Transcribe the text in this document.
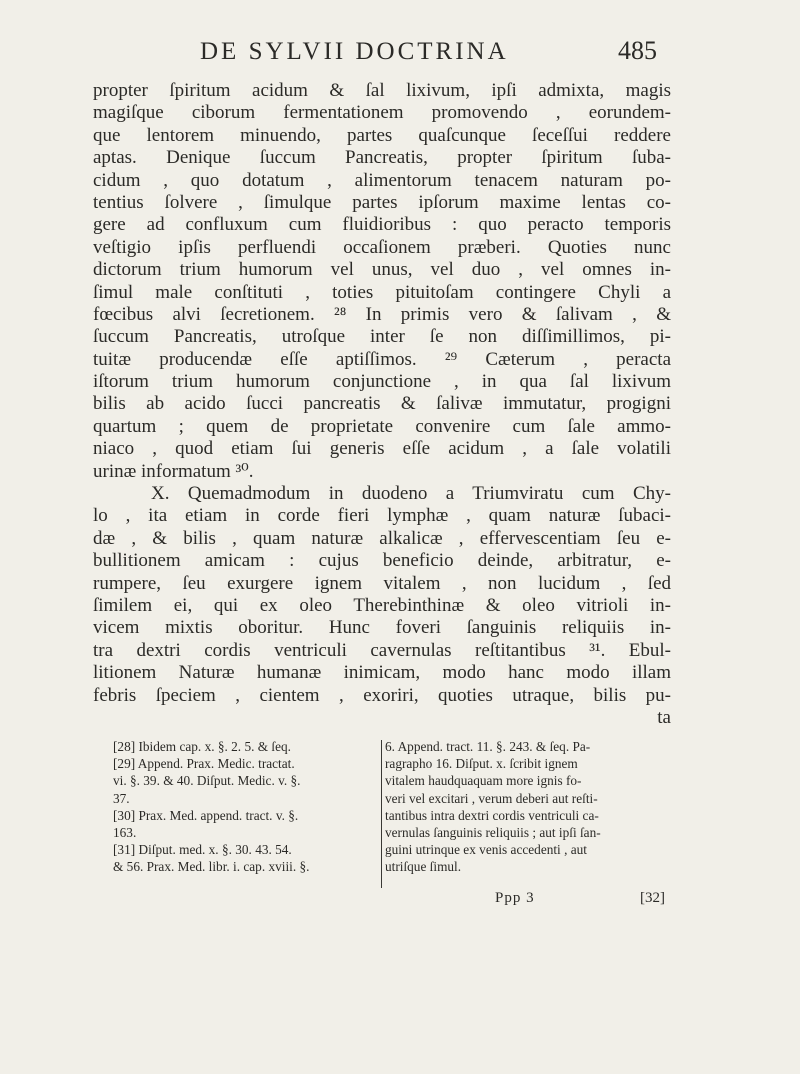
DE SYLVII DOCTRINA	485
propter ſpiritum acidum & ſal lixivum, ipſi admixta, magis
magiſque ciborum fermentationem promovendo , eorundem-
que lentorem minuendo, partes quaſcunque ſeceſſui reddere
aptas. Denique ſuccum Pancreatis, propter ſpiritum ſuba-
cidum , quo dotatum , alimentorum tenacem naturam po-
tentius ſolvere , ſimulque partes ipſorum maxime lentas co-
gere ad confluxum cum fluidioribus : quo peracto temporis
veſtigio ipſis perfluendi occaſionem præberi. Quoties nunc
dictorum trium humorum vel unus, vel duo , vel omnes in-
ſimul male conſtituti , toties pituitoſam contingere Chyli a
fœcibus alvi ſecretionem. ²⁸ In primis vero & ſalivam , &
ſuccum Pancreatis, utroſque inter ſe non diſſimillimos, pi-
tuitæ producendæ eſſe aptiſſimos. ²⁹ Cæterum , peracta
iſtorum trium humorum conjunctione , in qua ſal lixivum
bilis ab acido ſucci pancreatis & ſalivæ immutatur, progigni
quartum ; quem de proprietate convenire cum ſale ammo-
niaco , quod etiam ſui generis eſſe acidum , a ſale volatili
urinæ informatum ³⁰.
X. Quemadmodum in duodeno a Triumviratu cum Chy-
lo , ita etiam in corde fieri lymphæ , quam naturæ ſubaci-
dæ , & bilis , quam naturæ alkalicæ , effervescentiam ſeu e-
bullitionem amicam : cujus beneficio deinde, arbitratur, e-
rumpere, ſeu exurgere ignem vitalem , non lucidum , ſed
ſimilem ei, qui ex oleo Therebinthinæ & oleo vitrioli in-
vicem mixtis oboritur. Hunc foveri ſanguinis reliquiis in-
tra dextri cordis ventriculi cavernulas reſtitantibus ³¹. Ebul-
litionem Naturæ humanæ inimicam, modo hanc modo illam
febris ſpeciem , cientem , exoriri, quoties utraque, bilis pu-
ta
[28] Ibidem cap. x. §. 2. 5. & ſeq.
[29] Append. Prax. Medic. tractat.
vi. §. 39. & 40. Diſput. Medic. v. §.
37.
[30] Prax. Med. append. tract. v. §.
163.
[31] Diſput. med. x. §. 30. 43. 54.
& 56. Prax. Med. libr. i. cap. xviii. §.
6. Append. tract. 11. §. 243. & ſeq. Pa-
ragrapho 16. Diſput. x. ſcribit ignem
vitalem haudquaquam more ignis fo-
veri vel excitari , verum deberi aut reſti-
tantibus intra dextri cordis ventriculi ca-
vernulas ſanguinis reliquiis ; aut ipſi ſan-
guini utrinque ex venis accedenti , aut
utriſque ſimul.
Ppp 3	[32]
